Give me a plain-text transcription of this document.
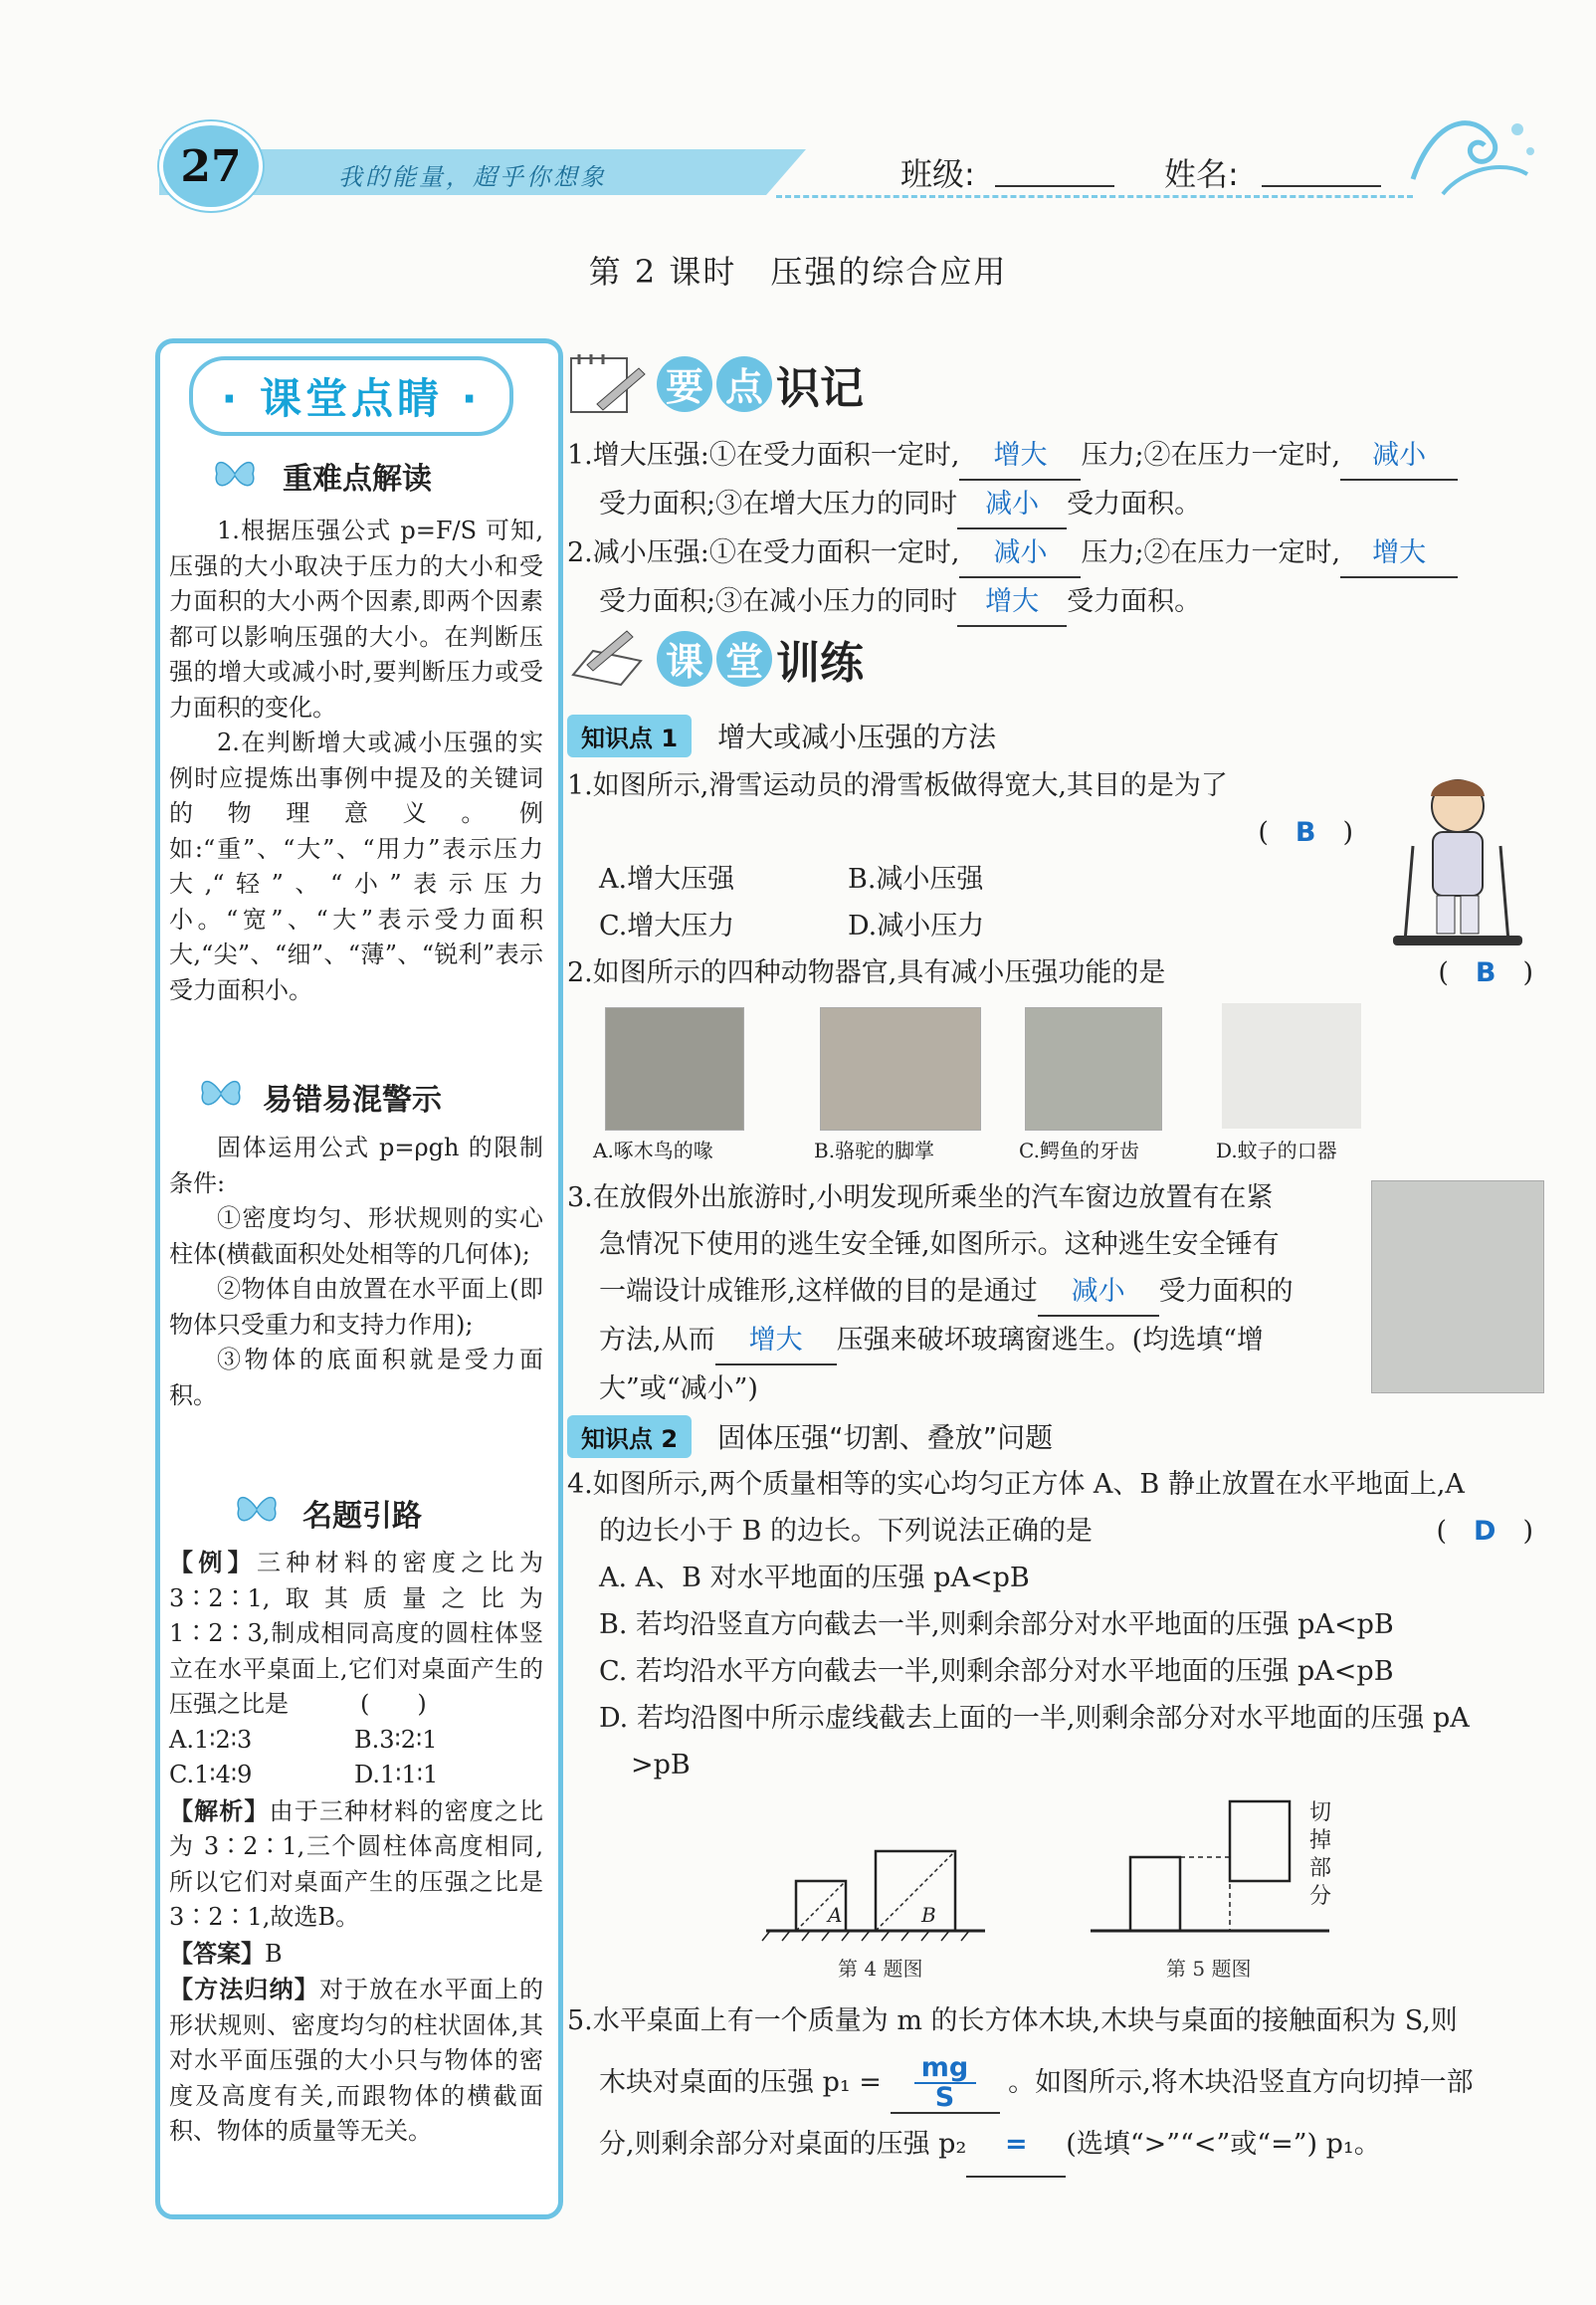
27	我的能量，超乎你想象	班级:	姓名:
第 2 课时　压强的综合应用
· 课堂点睛 ·
重难点解读

1.根据压强公式 p=F/S 可知,压强的大小取决于压力的大小和受力面积的大小两个因素,即两个因素都可以影响压强的大小。在判断压强的增大或减小时,要判断压力或受力面积的变化。

2.在判断增大或减小压强的实例时应提炼出事例中提及的关键词的物理意义。例如:“重”、“大”、“用力”表示压力大,“轻”、“小”表示压力小。“宽”、“大”表示受力面积大,“尖”、“细”、“薄”、“锐利”表示受力面积小。

易错易混警示

固体运用公式 p=ρgh 的限制条件:

①密度均匀、形状规则的实心柱体(横截面积处处相等的几何体);

②物体自由放置在水平面上(即物体只受重力和支持力作用);

③物体的底面积就是受力面积。

名题引路

【例】三种材料的密度之比为 3∶2∶1,取其质量之比为 1∶2∶3,制成相同高度的圆柱体竖立在水平桌面上,它们对桌面产生的压强之比是　　　(　　)

A.1∶2∶3	B.3∶2∶1

C.1∶4∶9	D.1∶1∶1

【解析】由于三种材料的密度之比为 3∶2∶1,三个圆柱体高度相同,所以它们对桌面产生的压强之比是 3∶2∶1,故选B。

【答案】B

【方法归纳】对于放在水平面上的形状规则、密度均匀的柱状固体,其对水平面压强的大小只与物体的密度及高度有关,而跟物体的横截面积、物体的质量等无关。

要 点 识记

1.增大压强:①在受力面积一定时, 增大 压力;②在压力一定时, 减小

受力面积;③在增大压力的同时 减小 受力面积。

2.减小压强:①在受力面积一定时, 减小 压力;②在压力一定时, 增大

受力面积;③在减小压力的同时 增大 受力面积。

课 堂 训练
知识点 1 增大或减小压强的方法

1.如图所示,滑雪运动员的滑雪板做得宽大,其目的是为了

(　B　)

A.增大压强	B.减小压强

C.增大压力	D.减小压力

2.如图所示的四种动物器官,具有减小压强功能的是	(　B　)

A.啄木鸟的喙	B.骆驼的脚掌	C.鳄鱼的牙齿	D.蚊子的口器

3.在放假外出旅游时,小明发现所乘坐的汽车窗边放置有在紧

急情况下使用的逃生安全锤,如图所示。这种逃生安全锤有

一端设计成锥形,这样做的目的是通过 减小 受力面积的

方法,从而 增大 压强来破坏玻璃窗逃生。(均选填“增

大”或“减小”)

知识点 2 固体压强“切割、叠放”问题

4.如图所示,两个质量相等的实心均匀正方体 A、B 静止放置在水平地面上,A

的边长小于 B 的边长。下列说法正确的是	(　D　)

A. A、B 对水平地面的压强 pA<pB

B. 若均沿竖直方向截去一半,则剩余部分对水平地面的压强 pA<pB

C. 若均沿水平方向截去一半,则剩余部分对水平地面的压强 pA<pB

D. 若均沿图中所示虚线截去上面的一半,则剩余部分对水平地面的压强 pA

>pB

A	B
第 4 题图
切掉部分
第 5 题图

5.水平桌面上有一个质量为 m 的长方体木块,木块与桌面的接触面积为 S,则

木块对桌面的压强 $p_1 = \frac{mg}{S}$ 。如图所示,将木块沿竖直方向切掉一部

分,则剩余部分对桌面的压强 p₂ = (选填“>”“<”或“=”) p₁。
